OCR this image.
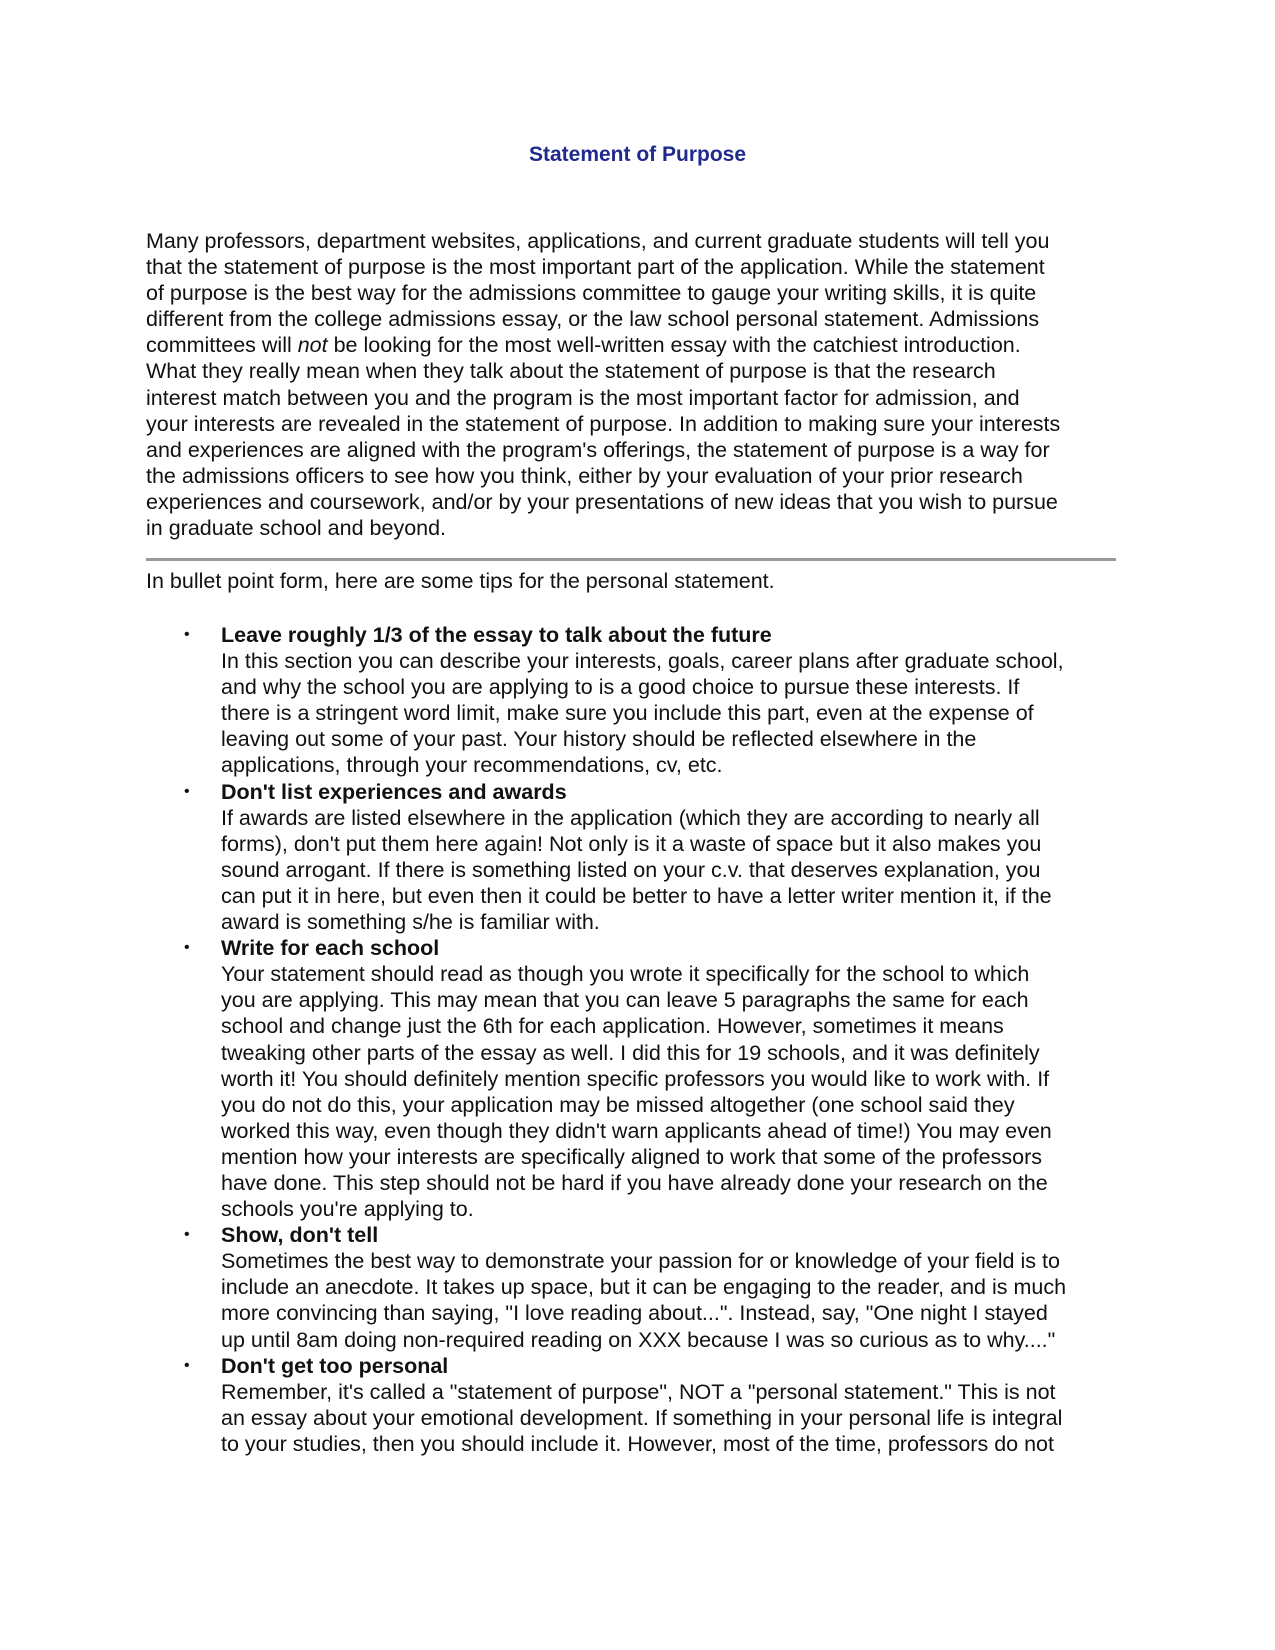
Statement of Purpose

Many professors, department websites, applications, and current graduate students will tell you
that the statement of purpose is the most important part of the application. While the statement
of purpose is the best way for the admissions committee to gauge your writing skills, it is quite
different from the college admissions essay, or the law school personal statement. Admissions
committees will not be looking for the most well-written essay with the catchiest introduction.
What they really mean when they talk about the statement of purpose is that the research
interest match between you and the program is the most important factor for admission, and
your interests are revealed in the statement of purpose. In addition to making sure your interests
and experiences are aligned with the program's offerings, the statement of purpose is a way for
the admissions officers to see how you think, either by your evaluation of your prior research
experiences and coursework, and/or by your presentations of new ideas that you wish to pursue
in graduate school and beyond.

In bullet point form, here are some tips for the personal statement.

• Leave roughly 1/3 of the essay to talk about the future
In this section you can describe your interests, goals, career plans after graduate school,
and why the school you are applying to is a good choice to pursue these interests. If
there is a stringent word limit, make sure you include this part, even at the expense of
leaving out some of your past. Your history should be reflected elsewhere in the
applications, through your recommendations, cv, etc.
• Don't list experiences and awards
If awards are listed elsewhere in the application (which they are according to nearly all
forms), don't put them here again! Not only is it a waste of space but it also makes you
sound arrogant. If there is something listed on your c.v. that deserves explanation, you
can put it in here, but even then it could be better to have a letter writer mention it, if the
award is something s/he is familiar with.
• Write for each school
Your statement should read as though you wrote it specifically for the school to which
you are applying. This may mean that you can leave 5 paragraphs the same for each
school and change just the 6th for each application. However, sometimes it means
tweaking other parts of the essay as well. I did this for 19 schools, and it was definitely
worth it! You should definitely mention specific professors you would like to work with. If
you do not do this, your application may be missed altogether (one school said they
worked this way, even though they didn't warn applicants ahead of time!) You may even
mention how your interests are specifically aligned to work that some of the professors
have done. This step should not be hard if you have already done your research on the
schools you're applying to.
• Show, don't tell
Sometimes the best way to demonstrate your passion for or knowledge of your field is to
include an anecdote. It takes up space, but it can be engaging to the reader, and is much
more convincing than saying, "I love reading about...". Instead, say, "One night I stayed
up until 8am doing non-required reading on XXX because I was so curious as to why...."
• Don't get too personal
Remember, it's called a "statement of purpose", NOT a "personal statement." This is not
an essay about your emotional development. If something in your personal life is integral
to your studies, then you should include it. However, most of the time, professors do not
